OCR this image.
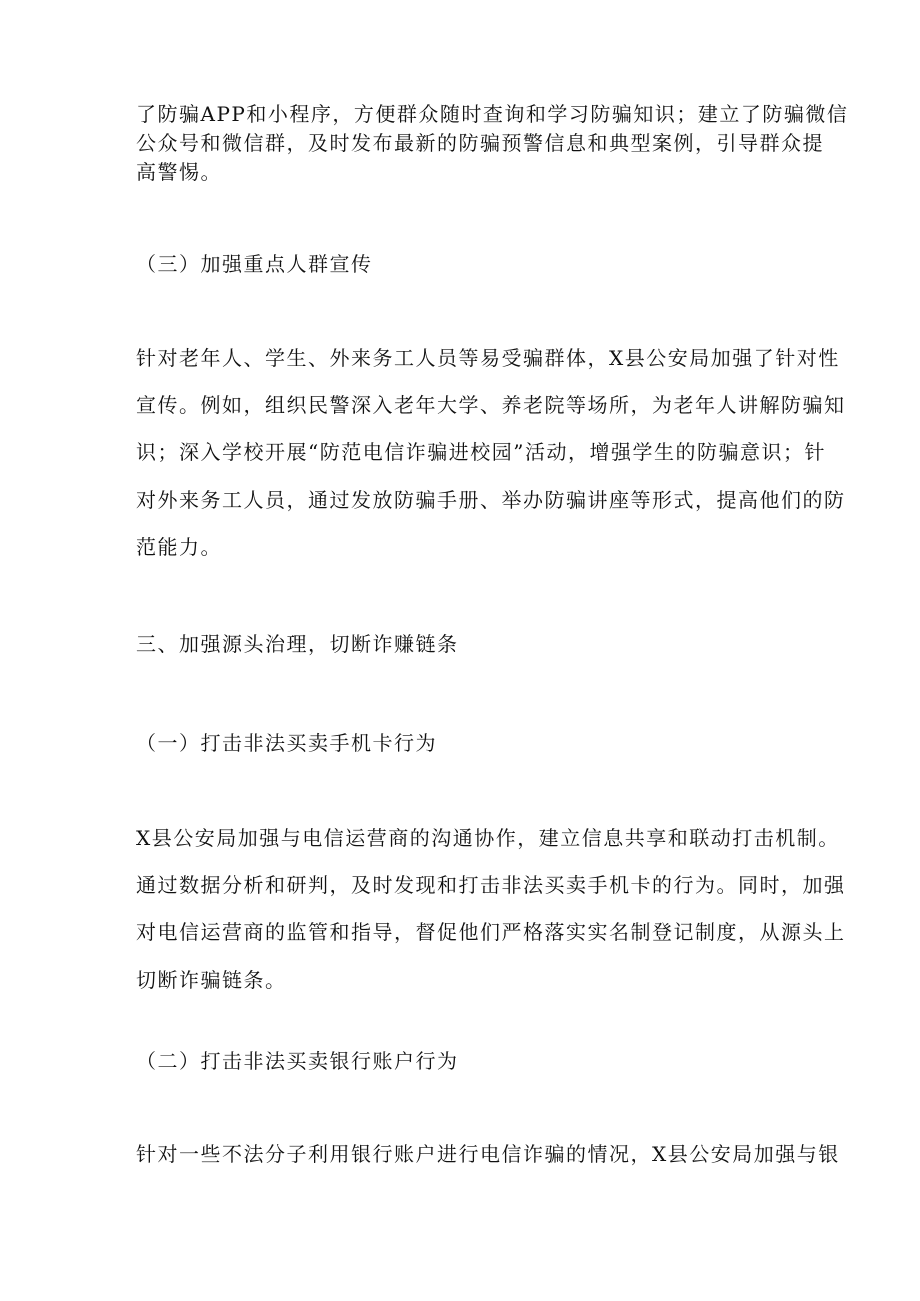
了防骗APP和小程序，方便群众随时查询和学习防骗知识；建立了防骗微信
公众号和微信群，及时发布最新的防骗预警信息和典型案例，引导群众提
高警惕。
（三）加强重点人群宣传
针对老年人、学生、外来务工人员等易受骗群体，X县公安局加强了针对性
宣传。例如，组织民警深入老年大学、养老院等场所，为老年人讲解防骗知
识；深入学校开展“防范电信诈骗进校园”活动，增强学生的防骗意识；针
对外来务工人员，通过发放防骗手册、举办防骗讲座等形式，提高他们的防
范能力。
三、加强源头治理，切断诈赚链条
（一）打击非法买卖手机卡行为
X县公安局加强与电信运营商的沟通协作，建立信息共享和联动打击机制。
通过数据分析和研判，及时发现和打击非法买卖手机卡的行为。同时，加强
对电信运营商的监管和指导，督促他们严格落实实名制登记制度，从源头上
切断诈骗链条。
（二）打击非法买卖银行账户行为
针对一些不法分子利用银行账户进行电信诈骗的情况，X县公安局加强与银
